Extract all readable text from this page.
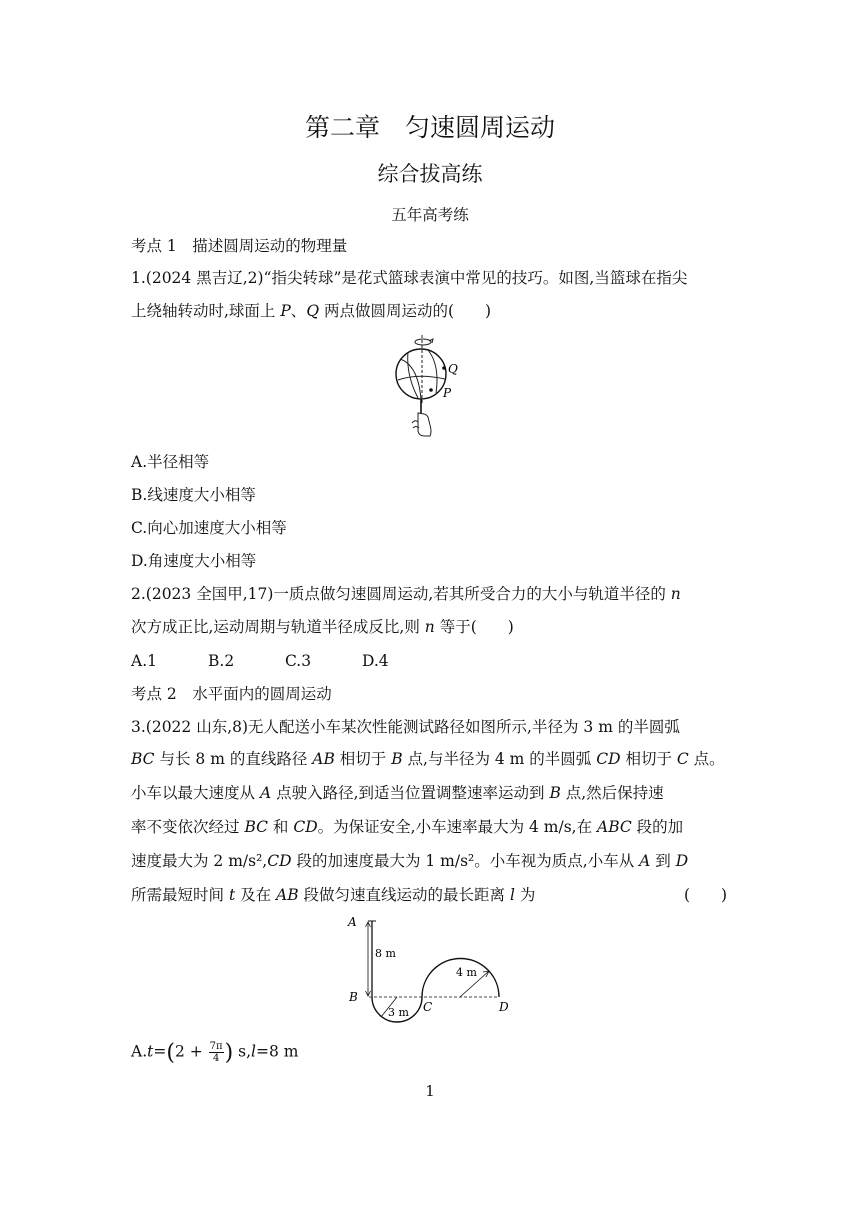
第二章　匀速圆周运动
综合拔高练
五年高考练
考点 1　描述圆周运动的物理量
1.(2024 黑吉辽,2)“指尖转球”是花式篮球表演中常见的技巧。如图,当篮球在指尖
上绕轴转动时,球面上 P、Q 两点做圆周运动的(　　)
Q
P
A.半径相等
B.线速度大小相等
C.向心加速度大小相等
D.角速度大小相等
2.(2023 全国甲,17)一质点做匀速圆周运动,若其所受合力的大小与轨道半径的 n
次方成正比,运动周期与轨道半径成反比,则 n 等于(　　)
A.1	B.2	C.3	D.4
考点 2　水平面内的圆周运动
3.(2022 山东,8)无人配送小车某次性能测试路径如图所示,半径为 3 m 的半圆弧
BC 与长 8 m 的直线路径 AB 相切于 B 点,与半径为 4 m 的半圆弧 CD 相切于 C 点。
小车以最大速度从 A 点驶入路径,到适当位置调整速率运动到 B 点,然后保持速
率不变依次经过 BC 和 CD。为保证安全,小车速率最大为 4 m/s,在 ABC 段的加
速度最大为 2 m/s²,CD 段的加速度最大为 1 m/s²。小车视为质点,小车从 A 到 D
所需最短时间 t 及在 AB 段做匀速直线运动的最长距离 l 为	(　　)
A
B
C	D
8 m
3 m
4 m
$A.t=(2 + \frac{7\pi}{4}$ ) s,l=8 m
1
